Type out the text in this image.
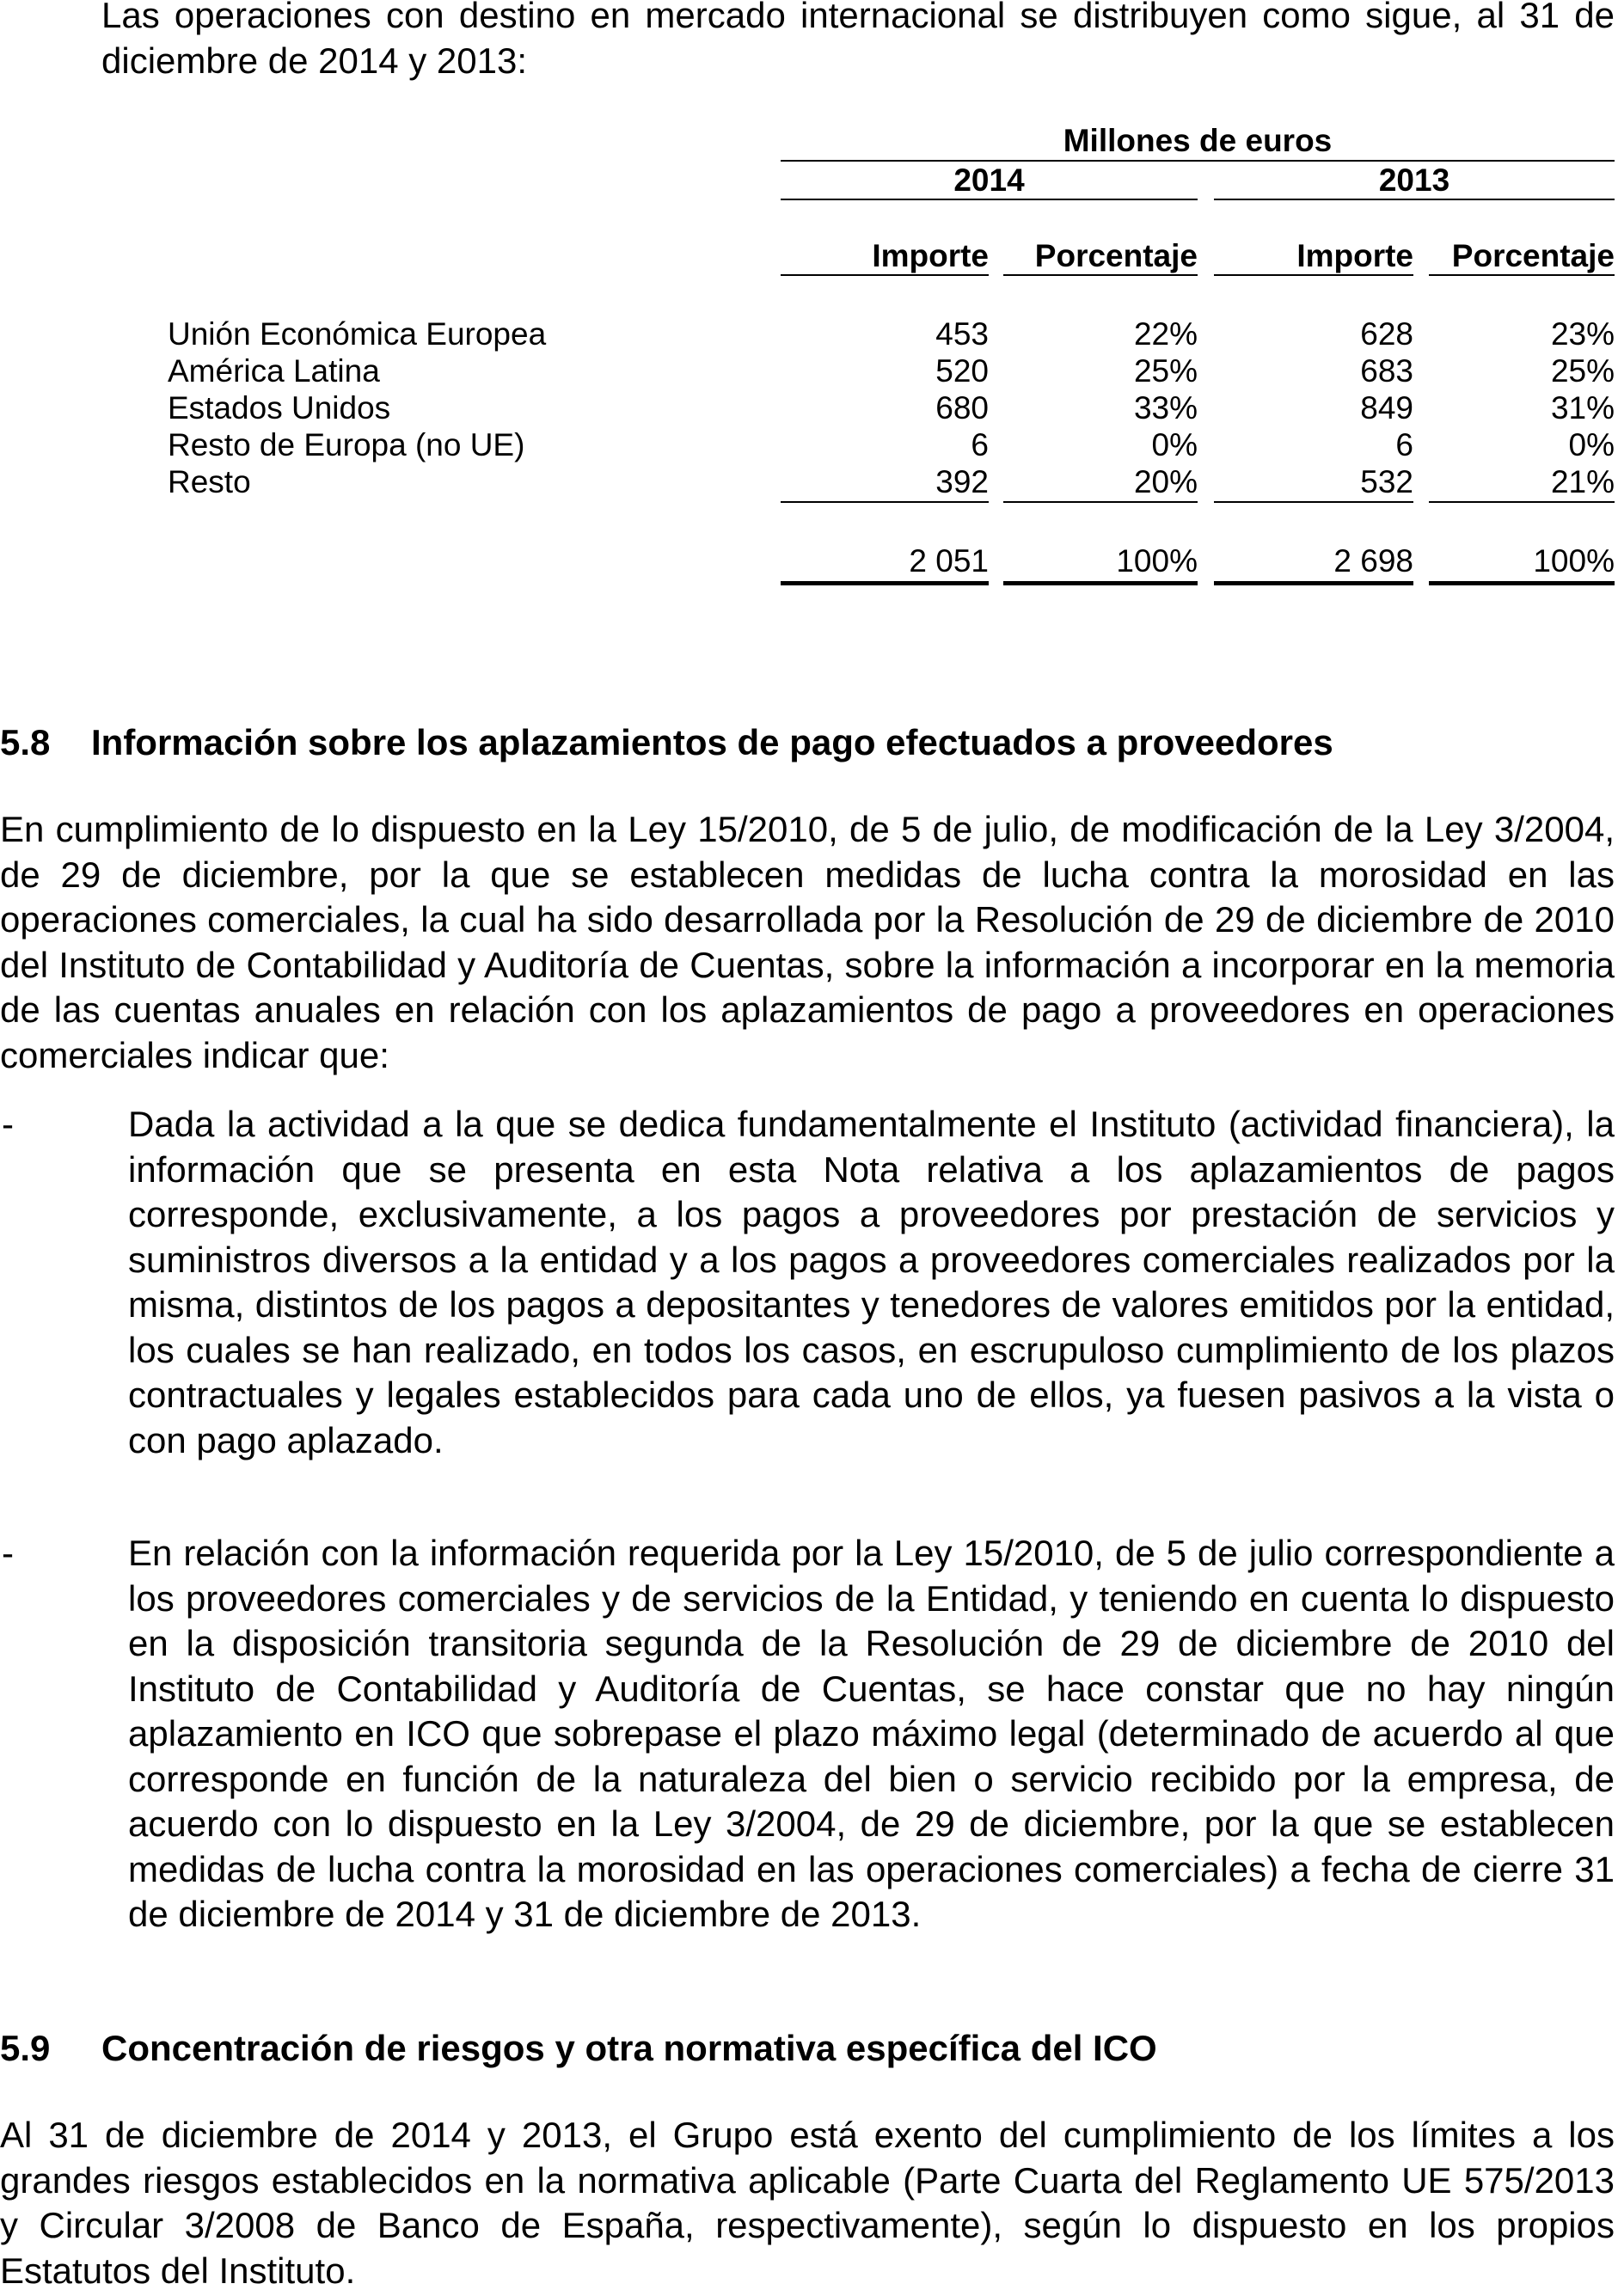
Las operaciones con destino en mercado internacional se distribuyen como sigue, al 31 de diciembre de 2014 y 2013:

Millones de euros
2014	2013
Importe	Porcentaje	Importe	Porcentaje
Unión Económica Europea	453	22%	628	23%
América Latina	520	25%	683	25%
Estados Unidos	680	33%	849	31%
Resto de Europa (no UE)	6	0%	6	0%
Resto	392	20%	532	21%
2 051	100%	2 698	100%
5.8 Información sobre los aplazamientos de pago efectuados a proveedores

En cumplimiento de lo dispuesto en la Ley 15/2010, de 5 de julio, de modificación de la Ley 3/2004, de 29 de diciembre, por la que se establecen medidas de lucha contra la morosidad en las operaciones comerciales, la cual ha sido desarrollada por la Resolución de 29 de diciembre de 2010 del Instituto de Contabilidad y Auditoría de Cuentas, sobre la información a incorporar en la memoria de las cuentas anuales en relación con los aplazamientos de pago a proveedores en operaciones comerciales indicar que:

-	Dada la actividad a la que se dedica fundamentalmente el Instituto (actividad financiera), la información que se presenta en esta Nota relativa a los aplazamientos de pagos corresponde, exclusivamente, a los pagos a proveedores por prestación de servicios y suministros diversos a la entidad y a los pagos a proveedores comerciales realizados por la misma, distintos de los pagos a depositantes y tenedores de valores emitidos por la entidad, los cuales se han realizado, en todos los casos, en escrupuloso cumplimiento de los plazos contractuales y legales establecidos para cada uno de ellos, ya fuesen pasivos a la vista o con pago aplazado.

-	En relación con la información requerida por la Ley 15/2010, de 5 de julio correspondiente a los proveedores comerciales y de servicios de la Entidad, y teniendo en cuenta lo dispuesto en la disposición transitoria segunda de la Resolución de 29 de diciembre de 2010 del Instituto de Contabilidad y Auditoría de Cuentas, se hace constar que no hay ningún aplazamiento en ICO que sobrepase el plazo máximo legal (determinado de acuerdo al que corresponde en función de la naturaleza del bien o servicio recibido por la empresa, de acuerdo con lo dispuesto en la Ley 3/2004, de 29 de diciembre, por la que se establecen medidas de lucha contra la morosidad en las operaciones comerciales) a fecha de cierre 31 de diciembre de 2014 y 31 de diciembre de 2013.

5.9 Concentración de riesgos y otra normativa específica del ICO

Al 31 de diciembre de 2014 y 2013, el Grupo está exento del cumplimiento de los límites a los grandes riesgos establecidos en la normativa aplicable (Parte Cuarta del Reglamento UE 575/2013 y Circular 3/2008 de Banco de España, respectivamente), según lo dispuesto en los propios Estatutos del Instituto.
